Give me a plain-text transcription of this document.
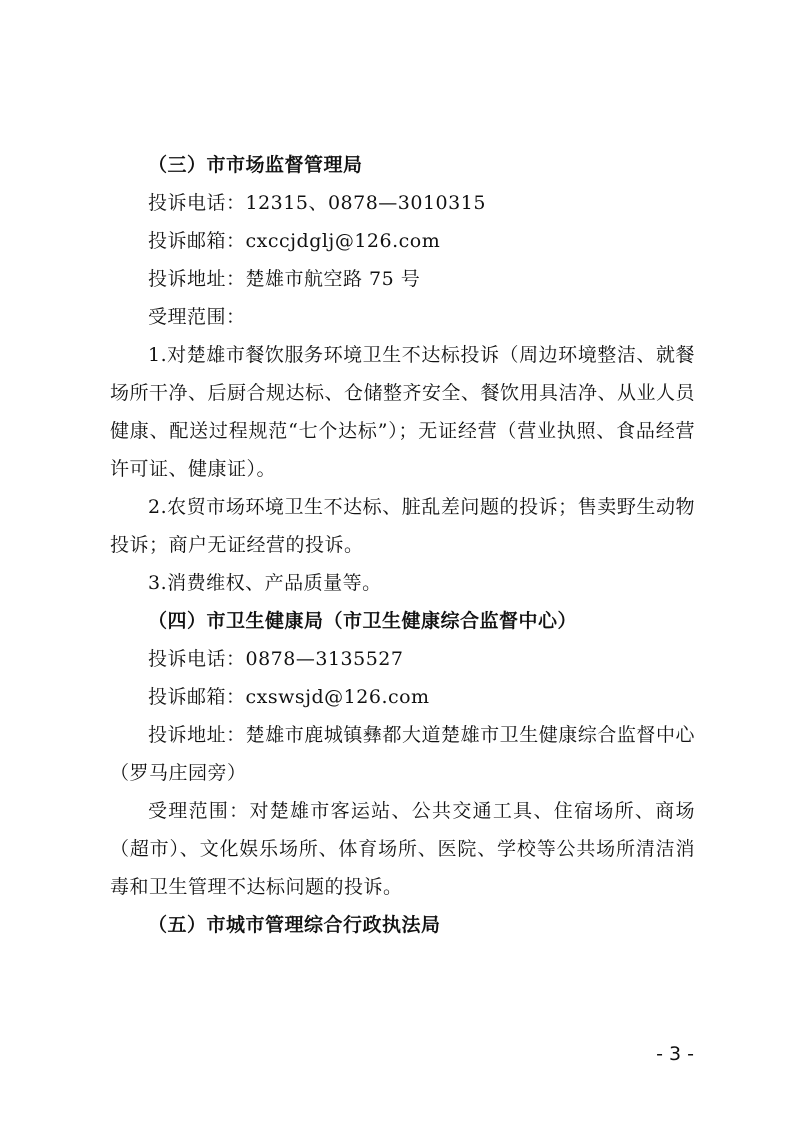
（三）市市场监督管理局

投诉电话：12315、0878—3010315

投诉邮箱：cxccjdglj@126.com

投诉地址：楚雄市航空路 75 号

受理范围：

1.对楚雄市餐饮服务环境卫生不达标投诉（周边环境整洁、就餐场所干净、后厨合规达标、仓储整齐安全、餐饮用具洁净、从业人员健康、配送过程规范“七个达标”）；无证经营（营业执照、食品经营许可证、健康证）。

2.农贸市场环境卫生不达标、脏乱差问题的投诉；售卖野生动物投诉；商户无证经营的投诉。

3.消费维权、产品质量等。

（四）市卫生健康局（市卫生健康综合监督中心）

投诉电话：0878—3135527

投诉邮箱：cxswsjd@126.com

投诉地址：楚雄市鹿城镇彝都大道楚雄市卫生健康综合监督中心（罗马庄园旁）

受理范围：对楚雄市客运站、公共交通工具、住宿场所、商场（超市）、文化娱乐场所、体育场所、医院、学校等公共场所清洁消毒和卫生管理不达标问题的投诉。

（五）市城市管理综合行政执法局

- 3 -
